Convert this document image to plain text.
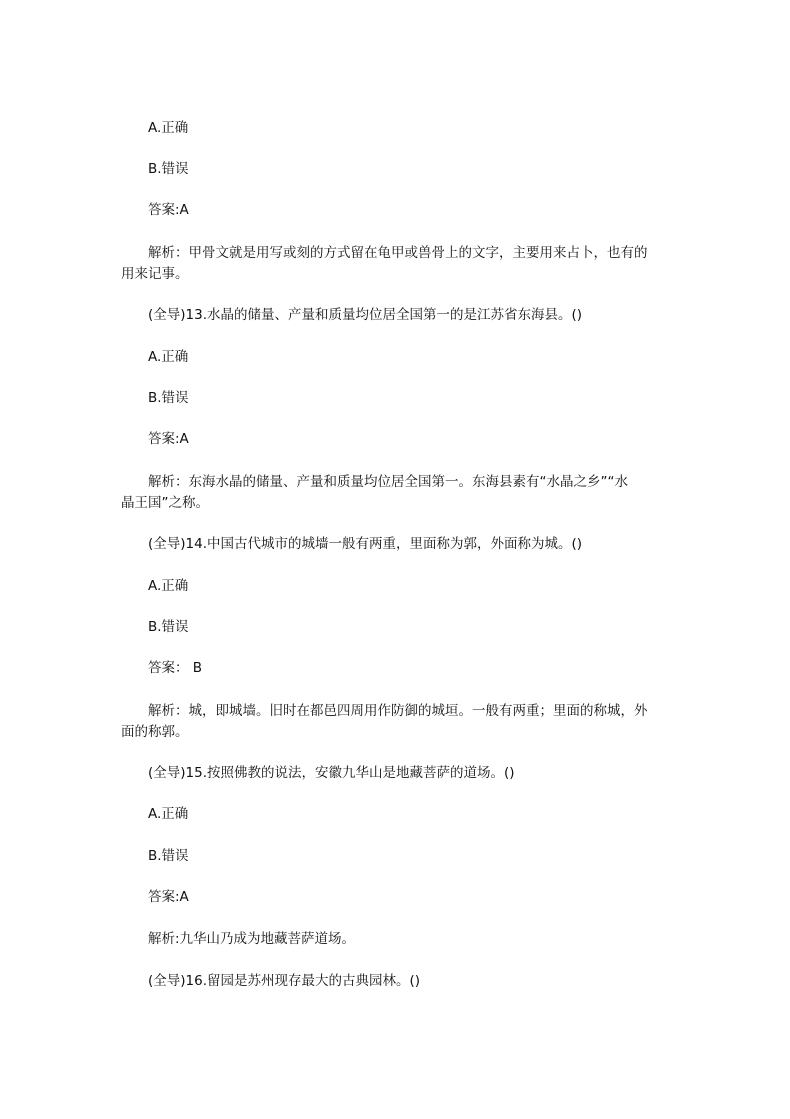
A.正确
B.错误
答案:A
解析：甲骨文就是用写或刻的方式留在龟甲或兽骨上的文字，主要用来占卜，也有的
用来记事。
(全导)13.水晶的储量、产量和质量均位居全国第一的是江苏省东海县。()
A.正确
B.错误
答案:A
解析：东海水晶的储量、产量和质量均位居全国第一。东海县素有“水晶之乡”“水
晶王国”之称。
(全导)14.中国古代城市的城墙一般有两重，里面称为郭，外面称为城。()
A.正确
B.错误
答案： B
解析：城，即城墙。旧时在都邑四周用作防御的城垣。一般有两重；里面的称城，外
面的称郭。
(全导)15.按照佛教的说法，安徽九华山是地藏菩萨的道场。()
A.正确
B.错误
答案:A
解析:九华山乃成为地藏菩萨道场。
(全导)16.留园是苏州现存最大的古典园林。()
